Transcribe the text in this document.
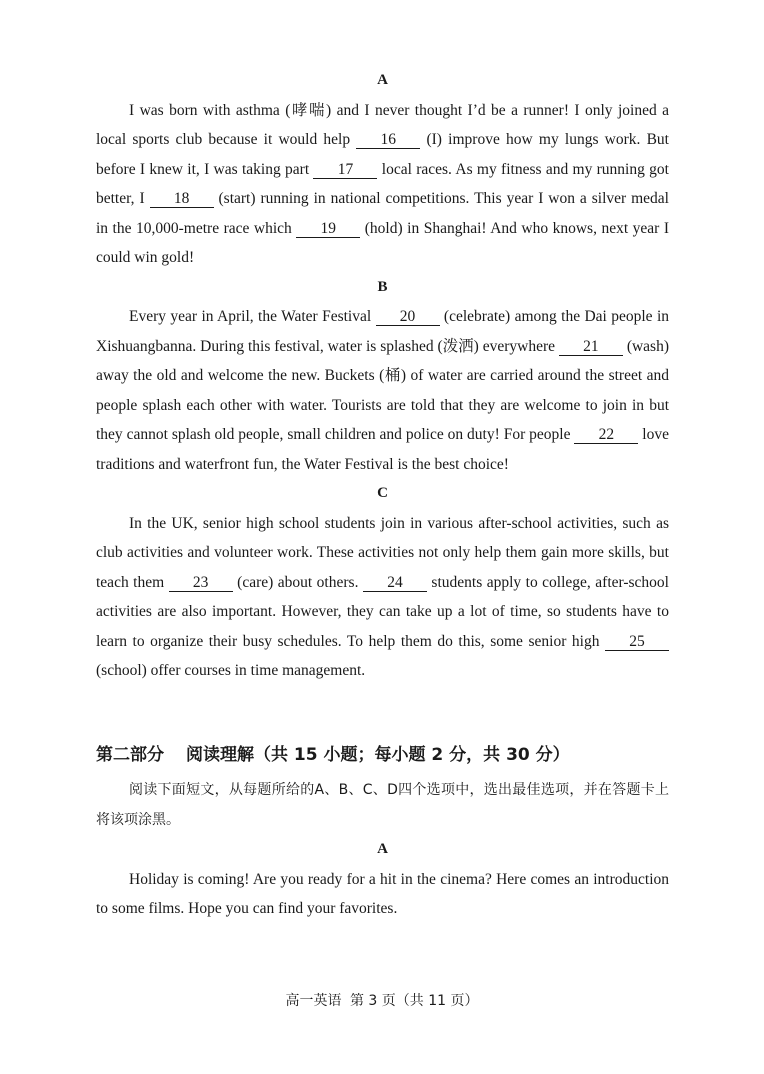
A

I was born with asthma (哮喘) and I never thought I’d be a runner! I only joined a local sports club because it would help 16 (I) improve how my lungs work. But before I knew it, I was taking part 17 local races. As my fitness and my running got better, I 18 (start) running in national competitions. This year I won a silver medal in the 10,000-metre race which 19 (hold) in Shanghai! And who knows, next year I could win gold!

B

Every year in April, the Water Festival 20 (celebrate) among the Dai people in Xishuangbanna. During this festival, water is splashed (泼洒) everywhere 21 (wash) away the old and welcome the new. Buckets (桶) of water are carried around the street and people splash each other with water. Tourists are told that they are welcome to join in but they cannot splash old people, small children and police on duty! For people 22 love traditions and waterfront fun, the Water Festival is the best choice!

C

In the UK, senior high school students join in various after-school activities, such as club activities and volunteer work. These activities not only help them gain more skills, but teach them 23 (care) about others. 24 students apply to college, after-school activities are also important. However, they can take up a lot of time, so students have to learn to organize their busy schedules. To help them do this, some senior high 25 (school) offer courses in time management.

第二部分 阅读理解（共 15 小题；每小题 2 分，共 30 分）

阅读下面短文，从每题所给的A、B、C、D四个选项中，选出最佳选项，并在答题卡上将该项涂黑。

A

Holiday is coming! Are you ready for a hit in the cinema? Here comes an introduction to some films. Hope you can find your favorites.

高一英语 第 3 页（共 11 页）
